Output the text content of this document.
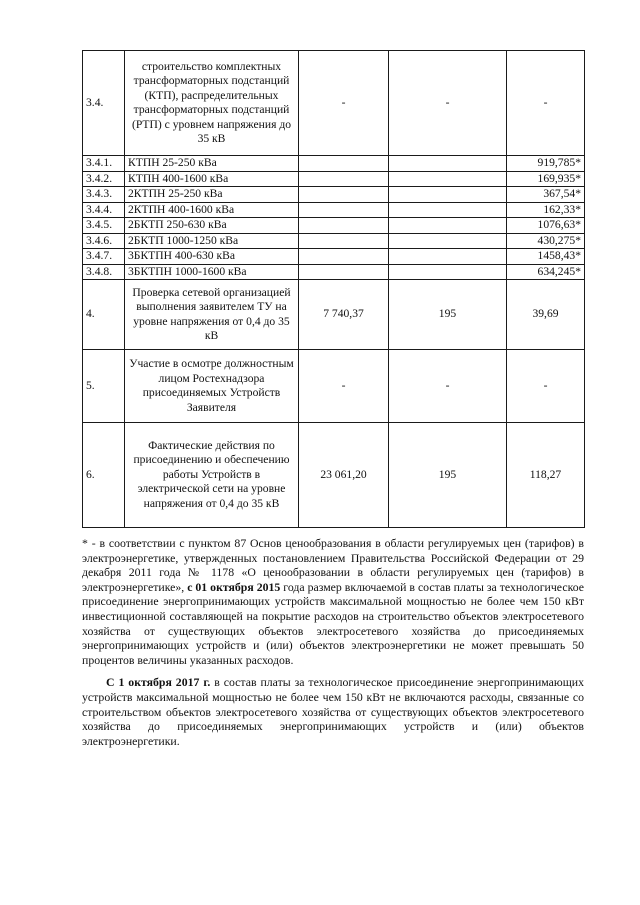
3.4.	строительство комплектных трансформаторных подстанций (КТП), распределительных трансформаторных подстанций (РТП) с уровнем напряжения до 35 кВ	-	-	-
3.4.1.	КТПН 25-250 кВа			919,785*
3.4.2.	КТПН 400-1600 кВа			169,935*
3.4.3.	2КТПН 25-250 кВа			367,54*
3.4.4.	2КТПН 400-1600 кВа			162,33*
3.4.5.	2БКТП 250-630 кВа			1076,63*
3.4.6.	2БКТП 1000-1250 кВа			430,275*
3.4.7.	3БКТПН 400-630 кВа			1458,43*
3.4.8.	3БКТПН 1000-1600 кВа			634,245*
4.	Проверка сетевой организацией выполнения заявителем ТУ на уровне напряжения от 0,4 до 35 кВ	7 740,37	195	39,69
5.	Участие в осмотре должностным лицом Ростехнадзора присоединяемых Устройств Заявителя	-	-	-
6.	Фактические действия по присоединению и обеспечению работы Устройств в электрической сети на уровне напряжения от 0,4 до 35 кВ	23 061,20	195	118,27

* - в соответствии с пунктом 87 Основ ценообразования в области регулируемых цен (тарифов) в электроэнергетике, утвержденных постановлением Правительства Российской Федерации от 29 декабря 2011 года № 1178 «О ценообразовании в области регулируемых цен (тарифов) в электроэнергетике», с 01 октября 2015 года размер включаемой в состав платы за технологическое присоединение энергопринимающих устройств максимальной мощностью не более чем 150 кВт инвестиционной составляющей на покрытие расходов на строительство объектов электросетевого хозяйства от существующих объектов электросетевого хозяйства до присоединяемых энергопринимающих устройств и (или) объектов электроэнергетики не может превышать 50 процентов величины указанных расходов.

С 1 октября 2017 г. в состав платы за технологическое присоединение энергопринимающих устройств максимальной мощностью не более чем 150 кВт не включаются расходы, связанные со строительством объектов электросетевого хозяйства от существующих объектов электросетевого хозяйства до присоединяемых энергопринимающих устройств и (или) объектов электроэнергетики.
